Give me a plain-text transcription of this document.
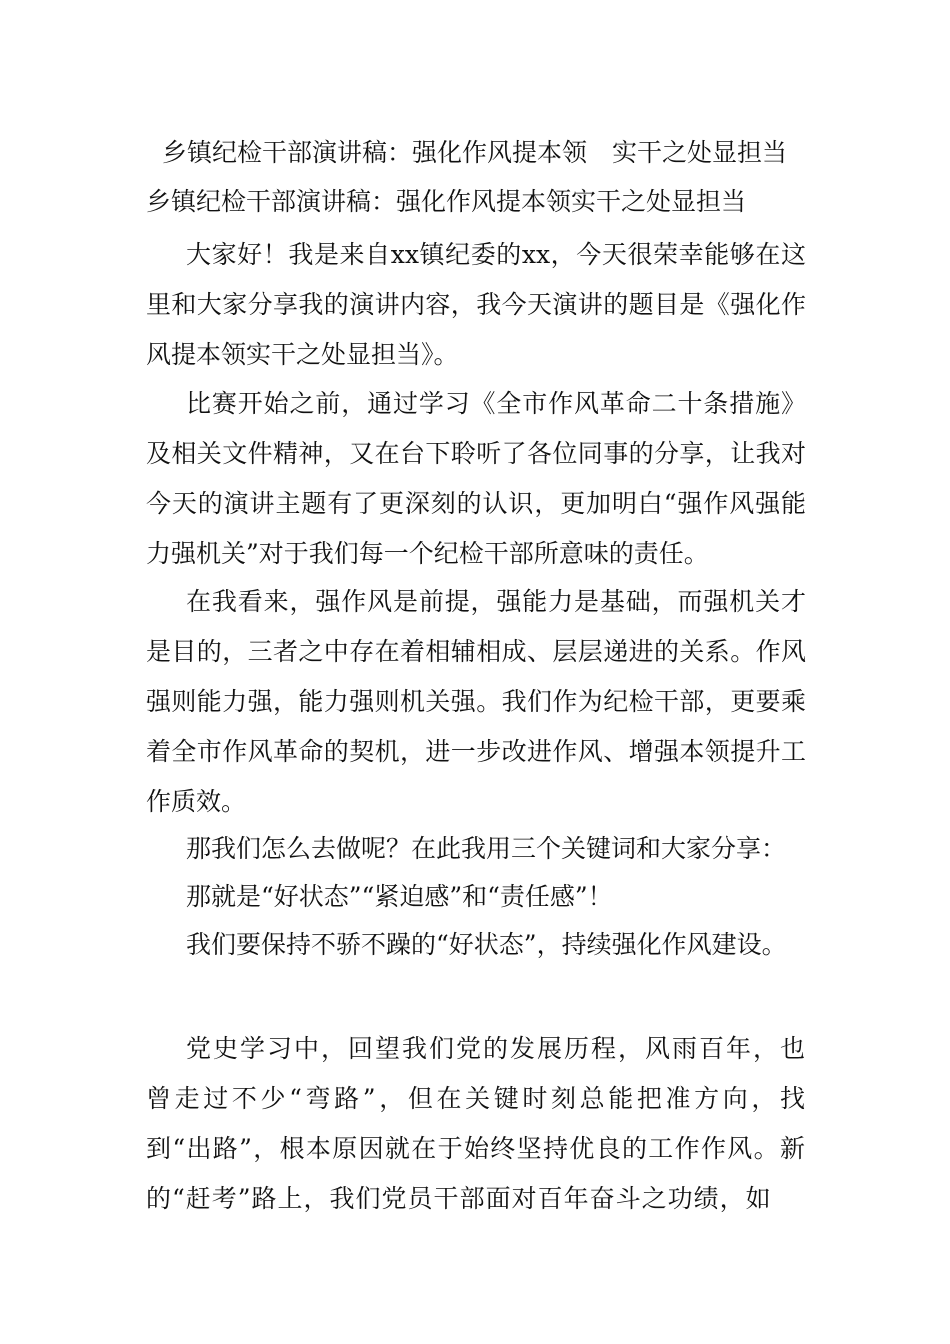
乡镇纪检干部演讲稿：强化作风提本领　实干之处显担当
乡镇纪检干部演讲稿：强化作风提本领实干之处显担当

大家好！我是来自xx镇纪委的xx，今天很荣幸能够在这里和大家分享我的演讲内容，我今天演讲的题目是《强化作风提本领实干之处显担当》。

比赛开始之前，通过学习《全市作风革命二十条措施》及相关文件精神，又在台下聆听了各位同事的分享，让我对今天的演讲主题有了更深刻的认识，更加明白“强作风强能力强机关”对于我们每一个纪检干部所意味的责任。

在我看来，强作风是前提，强能力是基础，而强机关才是目的，三者之中存在着相辅相成、层层递进的关系。作风强则能力强，能力强则机关强。我们作为纪检干部，更要乘着全市作风革命的契机，进一步改进作风、增强本领提升工作质效。

那我们怎么去做呢？在此我用三个关键词和大家分享：

那就是“好状态”“紧迫感”和“责任感”！

我们要保持不骄不躁的“好状态”，持续强化作风建设。

党史学习中，回望我们党的发展历程，风雨百年，也曾走过不少“弯路”，但在关键时刻总能把准方向，找到“出路”，根本原因就在于始终坚持优良的工作作风。新的“赶考”路上，我们党员干部面对百年奋斗之功绩，如
